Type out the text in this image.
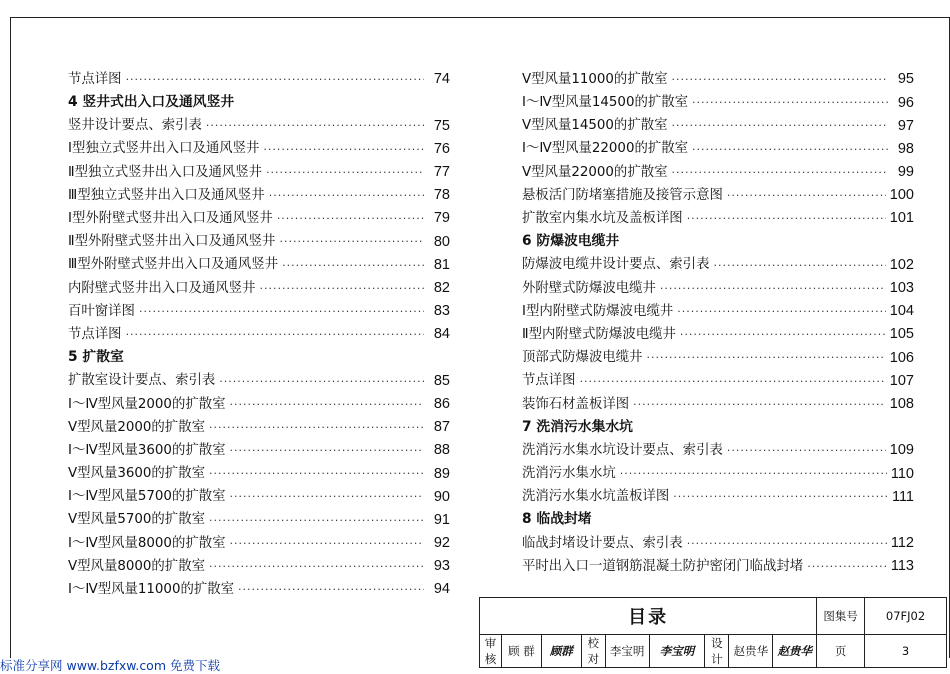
节点详图 ·····	74
4 竖井式出入口及通风竖井
竖井设计要点、索引表 ·····	75
Ⅰ型独立式竖井出入口及通风竖井 ·····	76
Ⅱ型独立式竖井出入口及通风竖井 ·····	77
Ⅲ型独立式竖井出入口及通风竖井 ·····	78
Ⅰ型外附壁式竖井出入口及通风竖井 ·····	79
Ⅱ型外附壁式竖井出入口及通风竖井 ·····	80
Ⅲ型外附壁式竖井出入口及通风竖井 ·····	81
内附壁式竖井出入口及通风竖井 ·····	82
百叶窗详图 ·····	83
节点详图 ·····	84
5 扩散室
扩散室设计要点、索引表 ·····	85
Ⅰ～Ⅳ型风量2000的扩散室 ·····	86
Ⅴ型风量2000的扩散室 ·····	87
Ⅰ～Ⅳ型风量3600的扩散室 ·····	88
Ⅴ型风量3600的扩散室 ·····	89
Ⅰ～Ⅳ型风量5700的扩散室 ·····	90
Ⅴ型风量5700的扩散室 ·····	91
Ⅰ～Ⅳ型风量8000的扩散室 ·····	92
Ⅴ型风量8000的扩散室 ·····	93
Ⅰ～Ⅳ型风量11000的扩散室 ·····	94
Ⅴ型风量11000的扩散室 ·····	95
Ⅰ～Ⅳ型风量14500的扩散室 ·····	96
Ⅴ型风量14500的扩散室 ·····	97
Ⅰ～Ⅳ型风量22000的扩散室 ·····	98
Ⅴ型风量22000的扩散室 ·····	99
悬板活门防堵塞措施及接管示意图 ·····	100
扩散室内集水坑及盖板详图 ·····	101
6 防爆波电缆井
防爆波电缆井设计要点、索引表 ·····	102
外附壁式防爆波电缆井 ·····	103
Ⅰ型内附壁式防爆波电缆井 ·····	104
Ⅱ型内附壁式防爆波电缆井 ·····	105
顶部式防爆波电缆井 ·····	106
节点详图 ·····	107
装饰石材盖板详图 ·····	108
7 洗消污水集水坑
洗消污水集水坑设计要点、索引表 ·····	109
洗消污水集水坑 ·····	110
洗消污水集水坑盖板详图 ·····	111
8 临战封堵
临战封堵设计要点、索引表 ·····	112
平时出入口一道钢筋混凝土防护密闭门临战封堵 ·····	113
目录									图集号	07FJ02
审核	顾 群	顾群	校对	李宝明	李宝明	设计	赵贵华	赵贵华	页	3
标准分享网 www.bzfxw.com 免费下载
